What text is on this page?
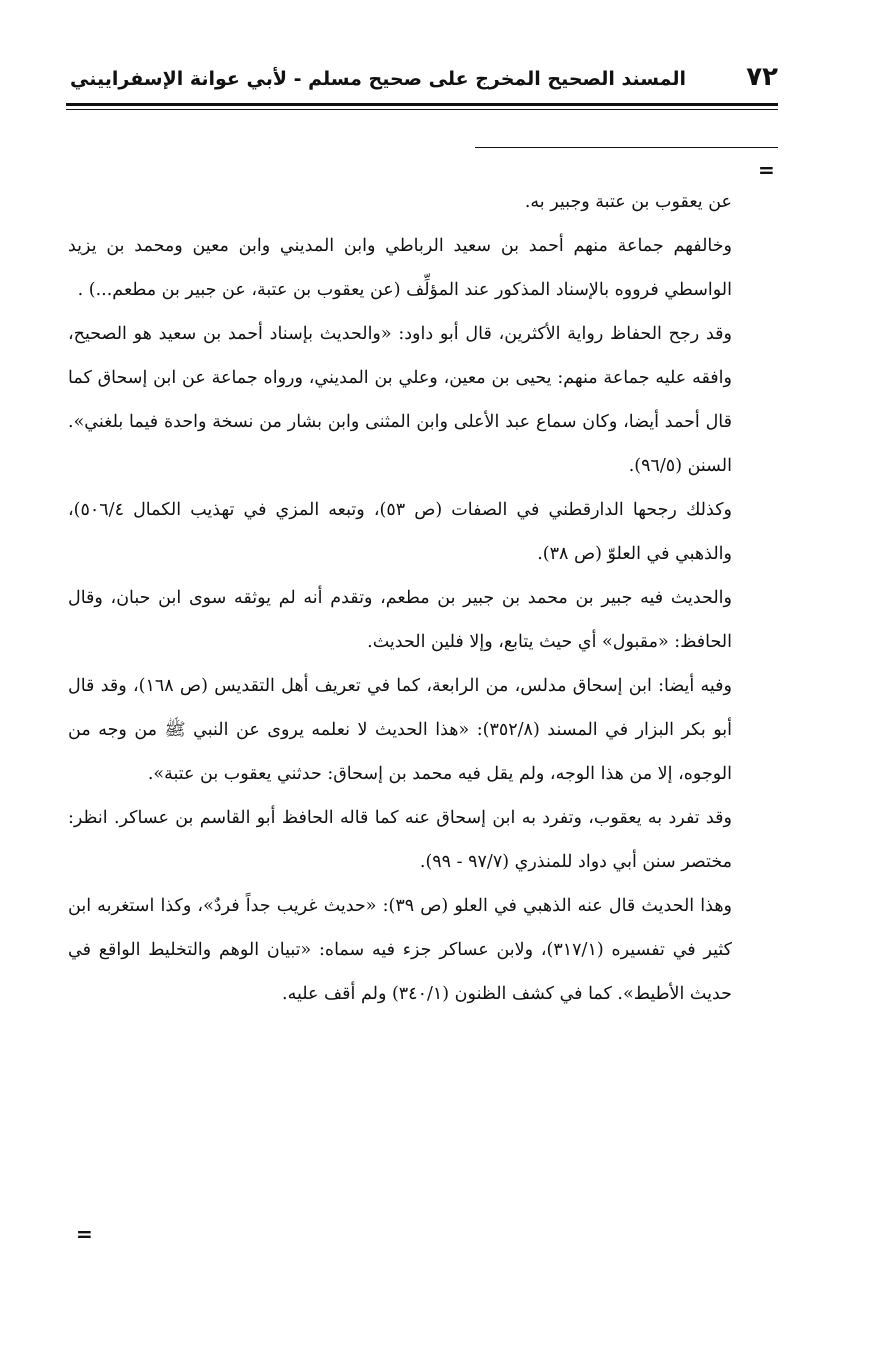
٧٢
المسند الصحيح المخرج على صحيح مسلم - لأبي عوانة الإسفراييني
=

عن يعقوب بن عتبة وجبير به.

وخالفهم جماعة منهم أحمد بن سعيد الرباطي وابن المديني وابن معين ومحمد بن يزيد الواسطي فرووه بالإسناد المذكور عند المؤلِّف (عن يعقوب بن عتبة، عن جبير بن مطعم...) .

وقد رجح الحفاظ رواية الأكثرين، قال أبو داود: «والحديث بإسناد أحمد بن سعيد هو الصحيح، وافقه عليه جماعة منهم: يحيى بن معين، وعلي بن المديني، ورواه جماعة عن ابن إسحاق كما قال أحمد أيضا، وكان سماع عبد الأعلى وابن المثنى وابن بشار من نسخة واحدة فيما بلغني». السنن (٩٦/٥).

وكذلك رجحها الدارقطني في الصفات (ص ٥٣)، وتبعه المزي في تهذيب الكمال ٥٠٦/٤)، والذهبي في العلوّ (ص ٣٨).

والحديث فيه جبير بن محمد بن جبير بن مطعم، وتقدم أنه لم يوثقه سوى ابن حبان، وقال الحافظ: «مقبول» أي حيث يتابع، وإلا فلين الحديث.

وفيه أيضا: ابن إسحاق مدلس، من الرابعة، كما في تعريف أهل التقديس (ص ١٦٨)، وقد قال أبو بكر البزار في المسند (٣٥٢/٨): «هذا الحديث لا نعلمه يروى عن النبي ﷺ من وجه من الوجوه، إلا من هذا الوجه، ولم يقل فيه محمد بن إسحاق: حدثني يعقوب بن عتبة».

وقد تفرد به يعقوب، وتفرد به ابن إسحاق عنه كما قاله الحافظ أبو القاسم بن عساكر. انظر: مختصر سنن أبي دواد للمنذري (٩٧/٧ - ٩٩).

وهذا الحديث قال عنه الذهبي في العلو (ص ٣٩): «حديث غريب جداً فردٌ»، وكذا استغربه ابن كثير في تفسيره (٣١٧/١)، ولابن عساكر جزء فيه سماه: «تبيان الوهم والتخليط الواقع في حديث الأطيط». كما في كشف الظنون (٣٤٠/١) ولم أقف عليه.

=
